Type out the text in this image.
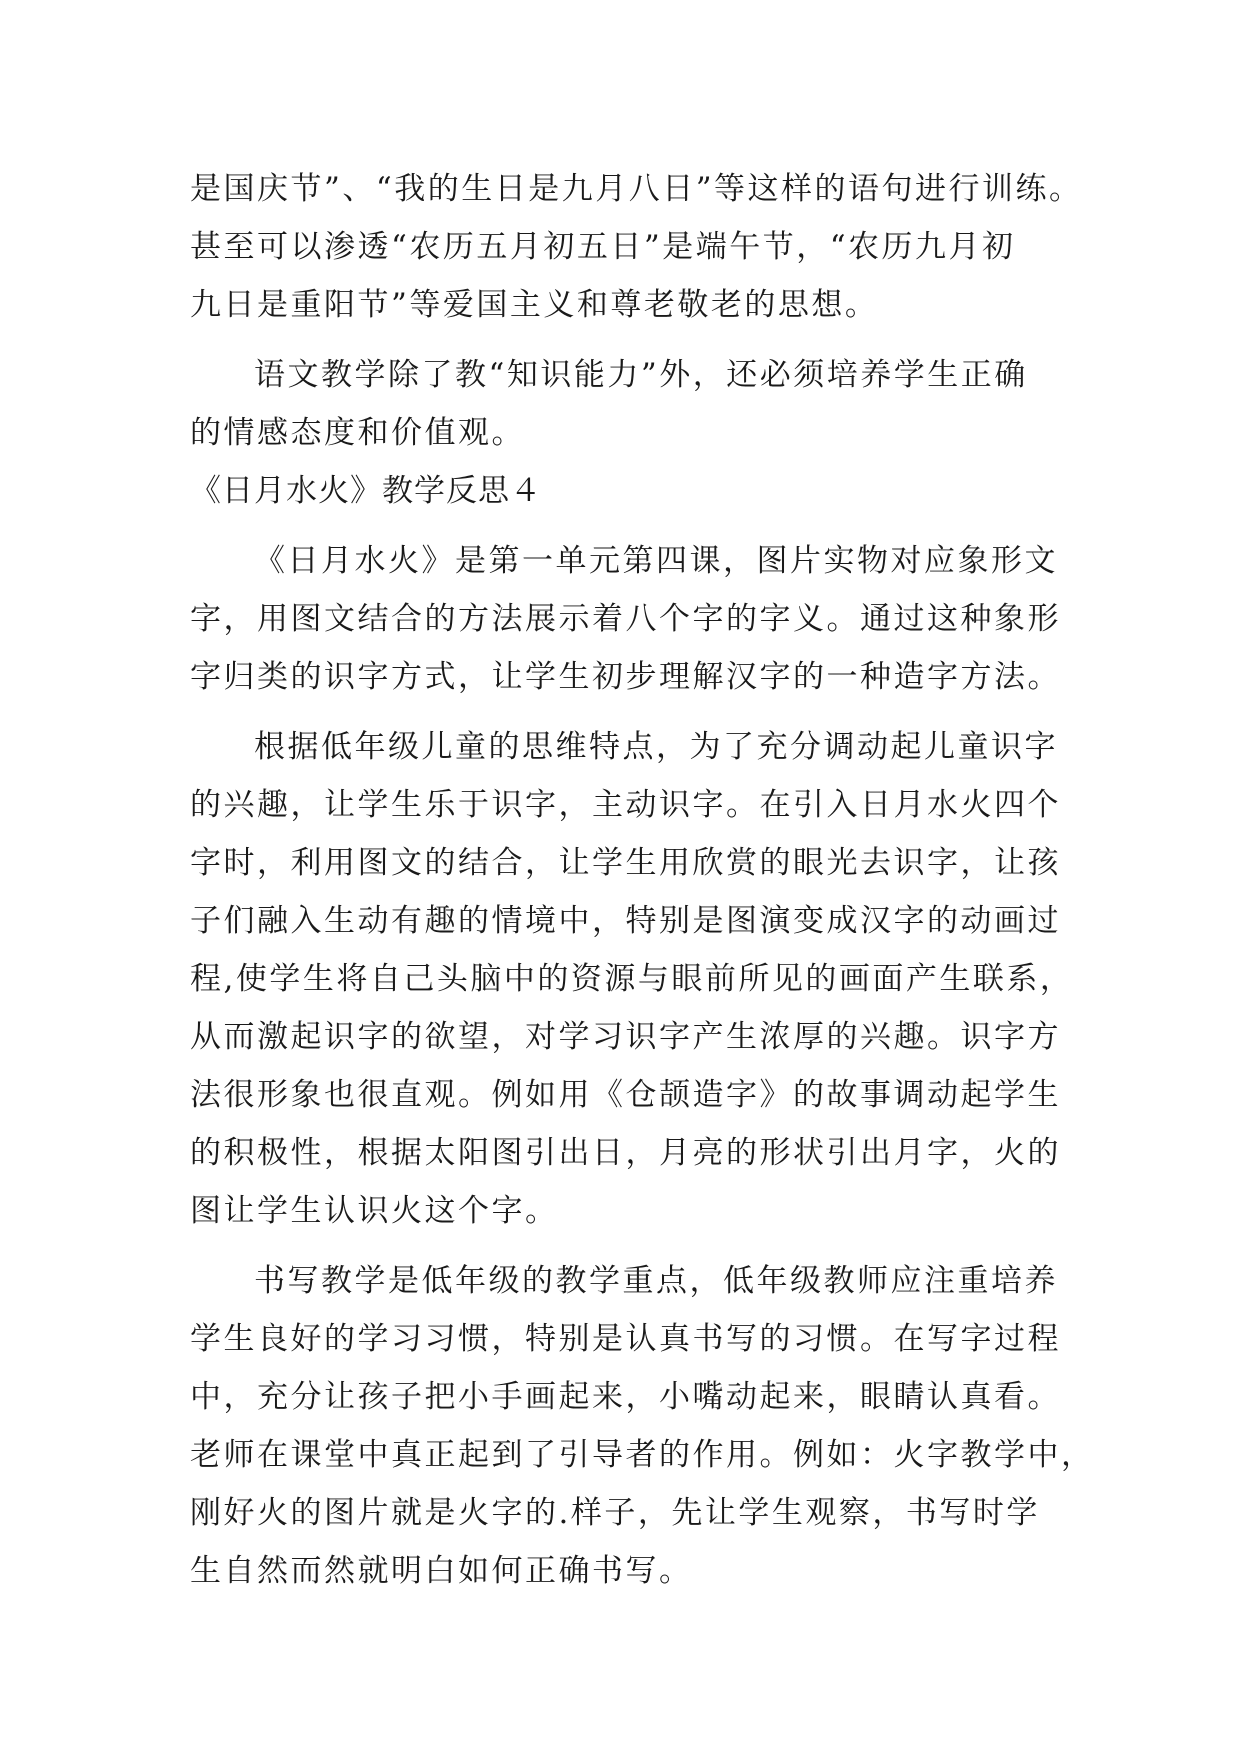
是国庆节”、“我的生日是九月八日”等这样的语句进行训练。
甚至可以渗透“农历五月初五日”是端午节，“农历九月初
九日是重阳节”等爱国主义和尊老敬老的思想。
语文教学除了教“知识能力”外，还必须培养学生正确
的情感态度和价值观。
《日月水火》教学反思４
《日月水火》是第一单元第四课，图片实物对应象形文
字，用图文结合的方法展示着八个字的字义。通过这种象形
字归类的识字方式，让学生初步理解汉字的一种造字方法。
根据低年级儿童的思维特点，为了充分调动起儿童识字
的兴趣，让学生乐于识字，主动识字。在引入日月水火四个
字时，利用图文的结合，让学生用欣赏的眼光去识字，让孩
子们融入生动有趣的情境中，特别是图演变成汉字的动画过
程,使学生将自己头脑中的资源与眼前所见的画面产生联系，
从而激起识字的欲望，对学习识字产生浓厚的兴趣。识字方
法很形象也很直观。例如用《仓颉造字》的故事调动起学生
的积极性，根据太阳图引出日，月亮的形状引出月字，火的
图让学生认识火这个字。
书写教学是低年级的教学重点，低年级教师应注重培养
学生良好的学习习惯，特别是认真书写的习惯。在写字过程
中，充分让孩子把小手画起来，小嘴动起来，眼睛认真看。
老师在课堂中真正起到了引导者的作用。例如：火字教学中，
刚好火的图片就是火字的.样子，先让学生观察，书写时学
生自然而然就明白如何正确书写。
